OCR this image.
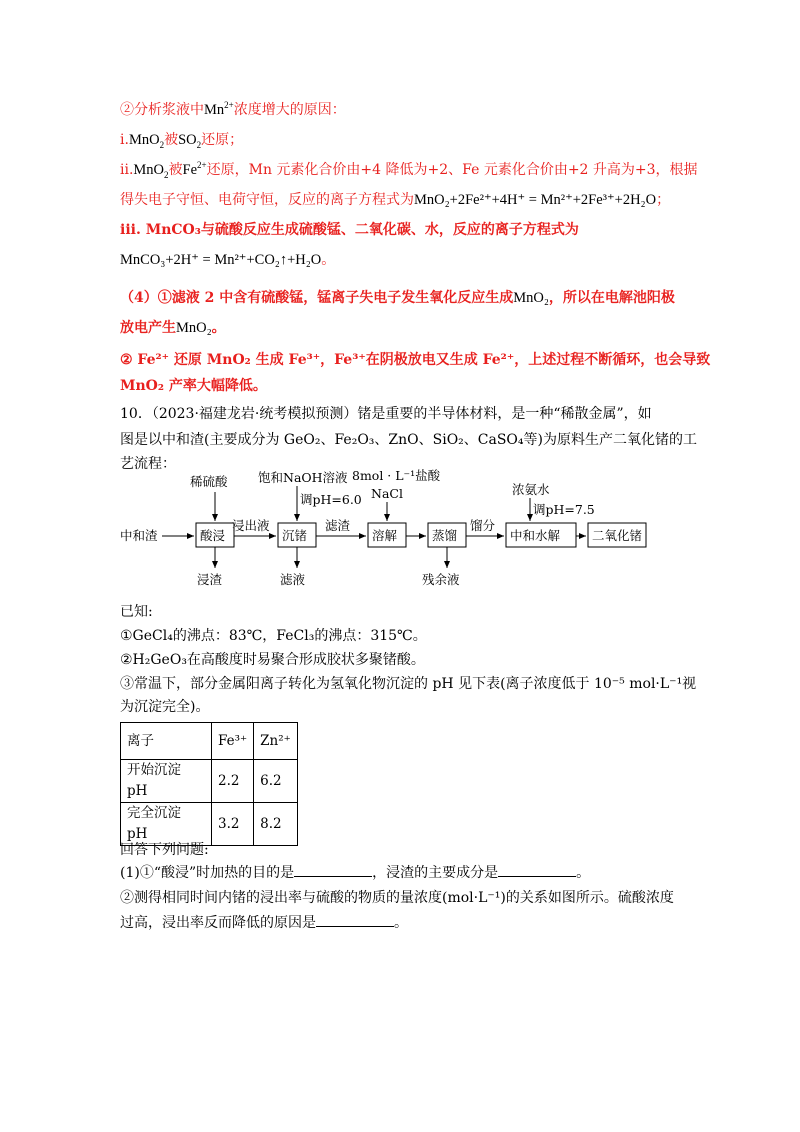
②分析浆液中$Mn^{2+}$浓度增大的原因：
i.MnO$_2$被$SO_2$还原；
ii.MnO$_2$被$Fe^{2+}$还原，Mn 元素化合价由+4 降低为+2、Fe 元素化合价由+2 升高为+3，根据
得失电子守恒、电荷守恒，反应的离子方程式为MnO₂+2Fe²⁺+4H⁺ = Mn²⁺+2Fe³⁺+2H₂O；
iii. MnCO₃与硫酸反应生成硫酸锰、二氧化碳、水，反应的离子方程式为
MnCO₃+2H⁺ = Mn²⁺+CO₂↑+H₂O。
（4）①滤液 2 中含有硫酸锰，锰离子失电子发生氧化反应生成MnO₂，所以在电解池阳极
放电产生MnO₂。
② Fe²⁺ 还原 MnO₂ 生成 Fe³⁺，Fe³⁺在阴极放电又生成 Fe²⁺，上述过程不断循环，也会导致
MnO₂ 产率大幅降低。
10．（2023·福建龙岩·统考模拟预测）锗是重要的半导体材料，是一种“稀散金属”，如
图是以中和渣(主要成分为 GeO₂、Fe₂O₃、ZnO、SiO₂、CaSO₄等)为原料生产二氧化锗的工
艺流程：
中和渣	酸浸
浸出液
沉锗
滤渣
溶解	蒸馏
馏分
中和水解	二氧化锗
稀硫酸 饱和NaOH溶液
调pH=6.0
8mol · L⁻¹盐酸
NaCl	浓氨水
调pH=7.5
浸渣	滤液	残余液
已知:
①GeCl₄的沸点：83℃，FeCl₃的沸点：315℃。
②H₂GeO₃在高酸度时易聚合形成胶状多聚锗酸。
③常温下，部分金属阳离子转化为氢氧化物沉淀的 pH 见下表(离子浓度低于 10⁻⁵ mol·L⁻¹视
为沉淀完全)。
离子	Fe³⁺	Zn²⁺
开始沉淀 pH	2.2	6.2
完全沉淀 pH	3.2	8.2
回答下列问题:
(1)①“酸浸”时加热的目的是	，浸渣的主要成分是	。
②测得相同时间内锗的浸出率与硫酸的物质的量浓度(mol·L⁻¹)的关系如图所示。硫酸浓度
过高，浸出率反而降低的原因是	。
